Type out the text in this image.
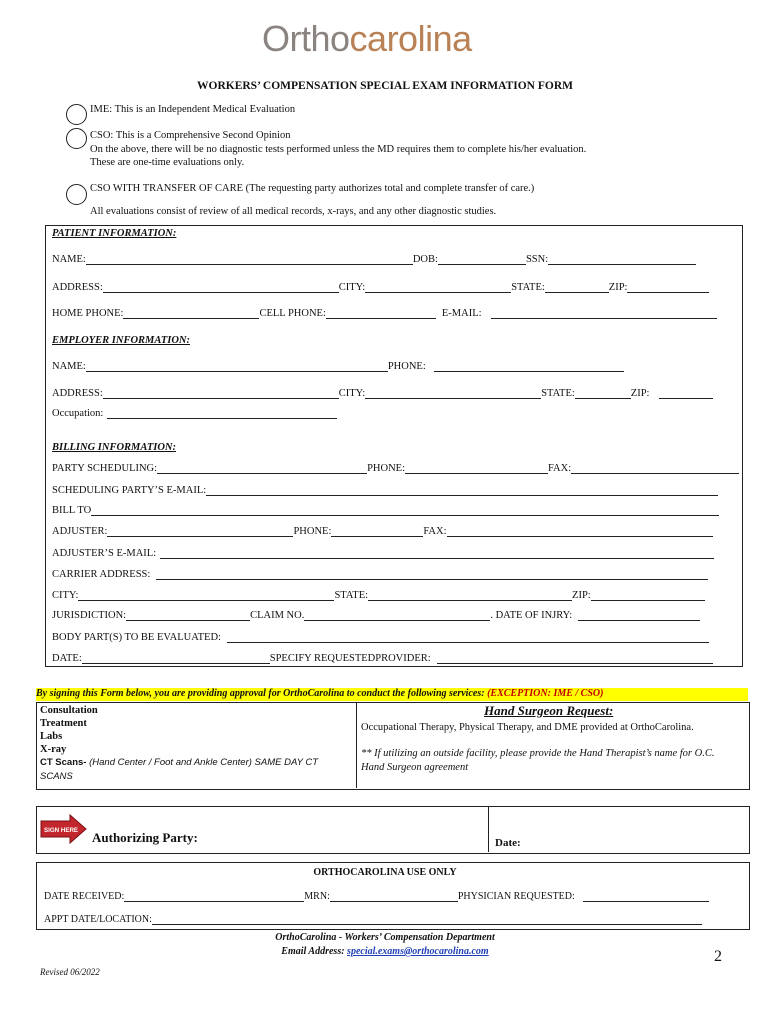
Orthocarolina
WORKERS’ COMPENSATION SPECIAL EXAM INFORMATION FORM
IME: This is an Independent Medical Evaluation
CSO: This is a Comprehensive Second Opinion
On the above, there will be no diagnostic tests performed unless the MD requires them to complete his/her evaluation.
These are one-time evaluations only.
CSO WITH TRANSFER OF CARE (The requesting party authorizes total and complete transfer of care.)
All evaluations consist of review of all medical records, x-rays, and any other diagnostic studies.
PATIENT INFORMATION:
NAME:	DOB:	SSN:
ADDRESS:	CITY:	STATE:	ZIP:
HOME PHONE:	CELL PHONE:	E-MAIL:
EMPLOYER INFORMATION:
NAME:	PHONE:
ADDRESS:	CITY:	STATE:	ZIP:
Occupation:
BILLING INFORMATION:
PARTY SCHEDULING:	PHONE:	FAX:
SCHEDULING PARTY’S E-MAIL:
BILL TO
ADJUSTER:	PHONE:	FAX:
ADJUSTER’S E-MAIL:
CARRIER ADDRESS:
CITY:	STATE:	ZIP:
JURISDICTION:	CLAIM NO.	. DATE OF INJRY:
BODY PART(S) TO BE EVALUATED:
DATE:	SPECIFY REQUESTEDPROVIDER:
By signing this Form below, you are providing approval for OrthoCarolina to conduct the following services: (EXCEPTION: IME / CSO)
Consultation
Treatment
Labs
X-ray
CT Scans- (Hand Center / Foot and Ankle Center) SAME DAY CT
SCANS
Hand Surgeon Request:
Occupational Therapy, Physical Therapy, and DME provided at OrthoCarolina.
** If utilizing an outside facility, please provide the Hand Therapist’s name for O.C.
Hand Surgeon agreement
SIGN HERE Authorizing Party:	Date:
ORTHOCAROLINA USE ONLY
DATE RECEIVED:	MRN:	PHYSICIAN REQUESTED:
APPT DATE/LOCATION:
OrthoCarolina - Workers’ Compensation Department
Email Address: special.exams@orthocarolina.com	2
Revised 06/2022
